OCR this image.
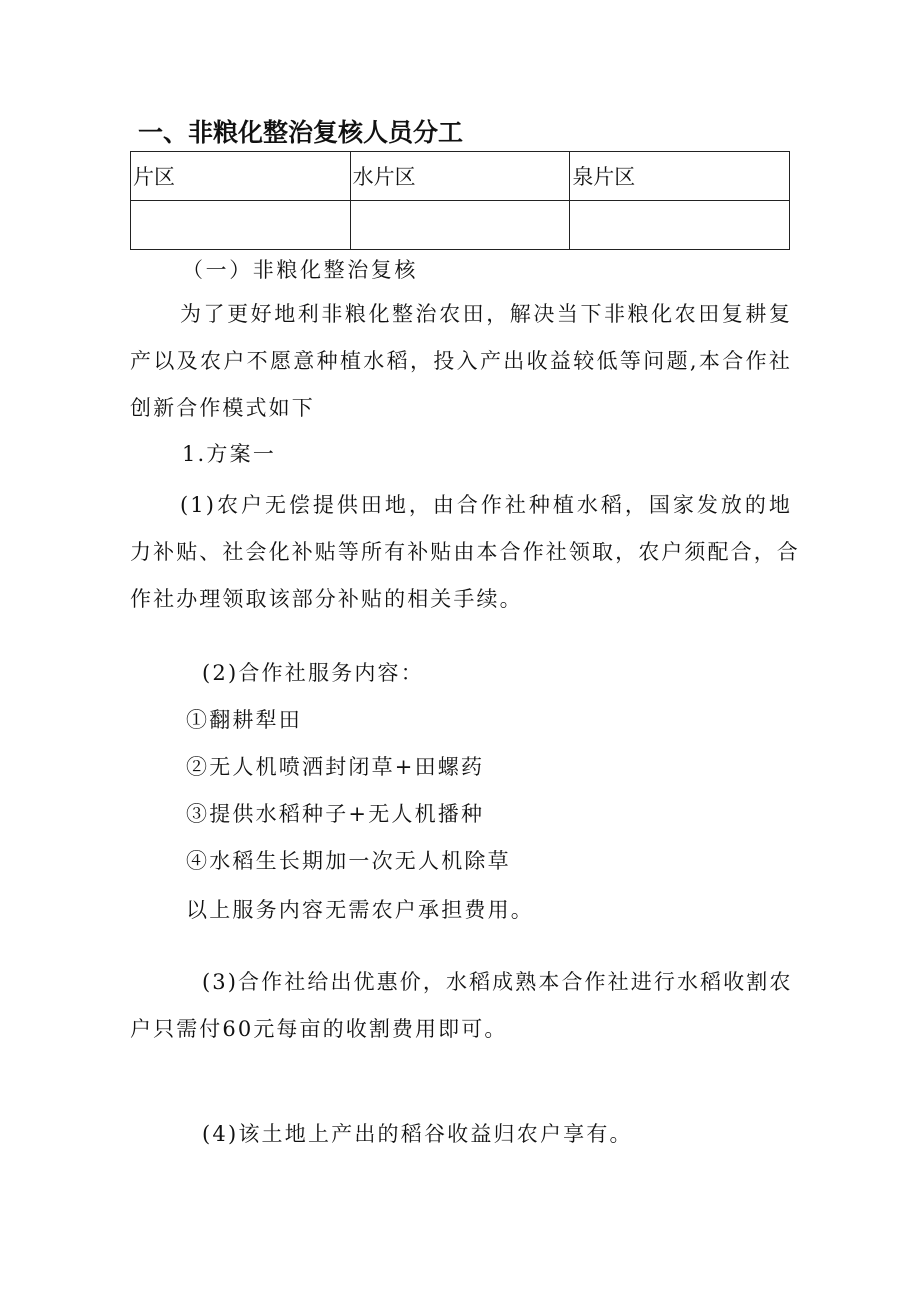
一、非粮化整治复核人员分工
片区	水片区	泉片区

（一）非粮化整治复核
为了更好地利非粮化整治农田，解决当下非粮化农田复耕复
产以及农户不愿意种植水稻，投入产出收益较低等问题,本合作社
创新合作模式如下
1.方案一
(1)农户无偿提供田地，由合作社种植水稻，国家发放的地
力补贴、社会化补贴等所有补贴由本合作社领取，农户须配合，合
作社办理领取该部分补贴的相关手续。
(2)合作社服务内容：
①翻耕犁田
②无人机喷洒封闭草+田螺药
③提供水稻种子+无人机播种
④水稻生长期加一次无人机除草
以上服务内容无需农户承担费用。
(3)合作社给出优惠价，水稻成熟本合作社进行水稻收割农
户只需付60元每亩的收割费用即可。
(4)该土地上产出的稻谷收益归农户享有。
